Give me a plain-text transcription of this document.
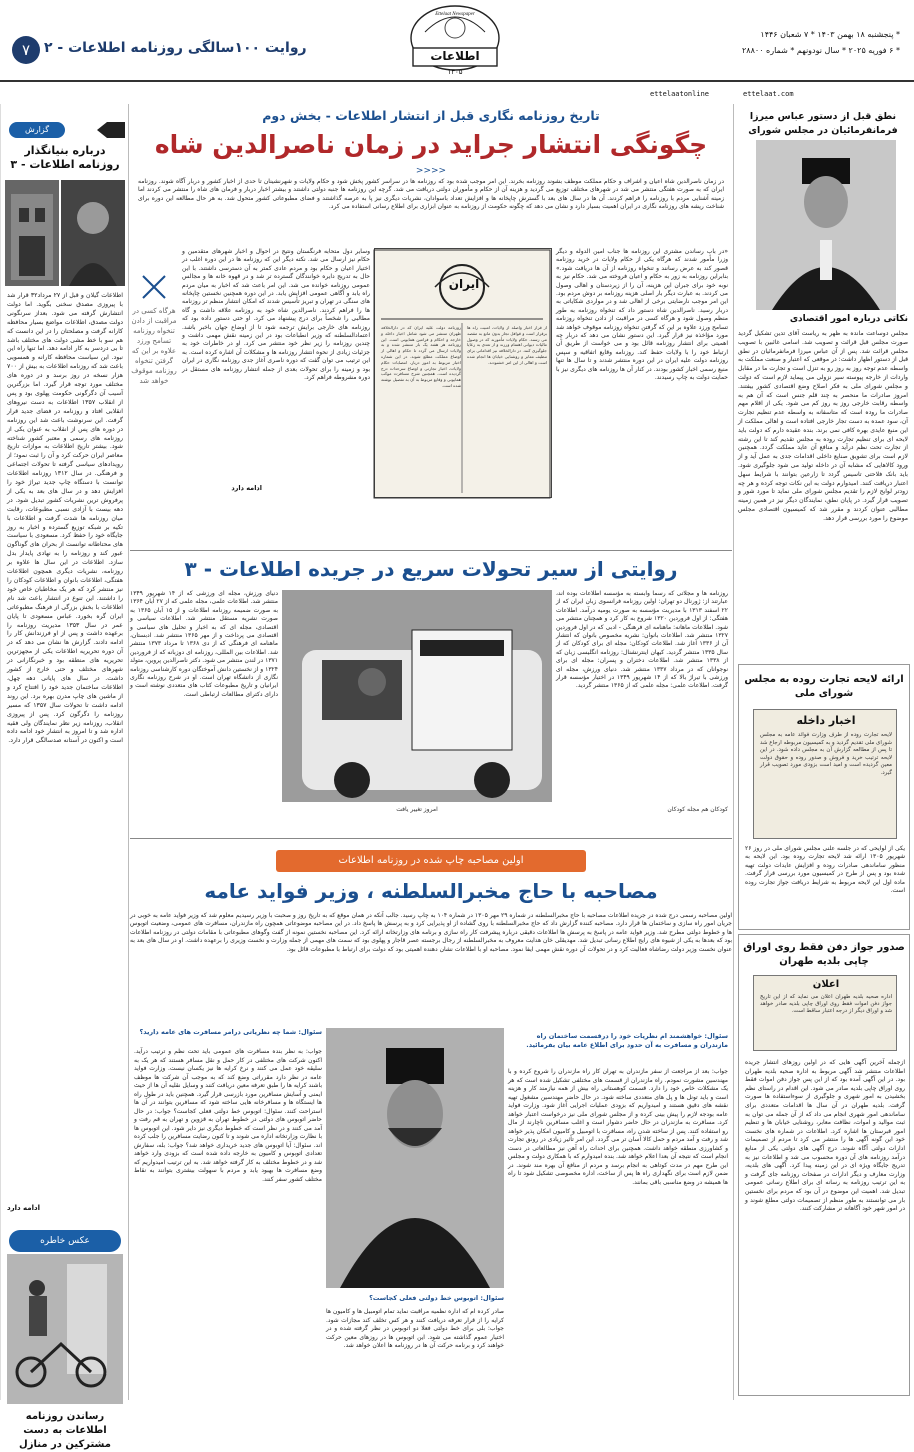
۷ روایت ۱۰۰سالگی روزنامه اطلاعات - ۲
Ettelaat Newspaper
اطلاعات
۱۳۰۵
* پنجشنبه ۱۸ بهمن ۱۴۰۳ * ۷ شعبان ۱۴۴۶
* ۶ فوریه ۲۰۲۵ * سال نودونهم * شماره ۲۸۸۰۰
ettelaat.com
ettelaatonline
گزارش
درباره بنیانگذار روزنامه اطلاعات - ۳
اطلاعات گیلان و قبل از ۲۷ مرداد۳۲ قرار شد با پیروزی مصدق سخنی بگوید. اما دولت انتشارش گرفته می شود. بعداز سرنگونی دولت مصدق، اطلاعات مواضع بسیار محافظه کارانه گرفت و مصلحتان را در این دانست که هم سو با خط مشی دولت های مختلف باشد تا بی دردسر به کار ادامه دهد. اما تنها راه این نبود. این سیاست محافظه کارانه و همسویی باعث شد که روزنامه اطلاعات به بیش از ۷۰۰ هزار نسخه در روز برسد و در دوره های مختلف مورد توجه قرار گیرد. اما بزرگترین آسیب آن دگرگونی حکومت پهلوی بود و پس از انقلاب ۱۳۵۷ اطلاعات به دست نیروهای انقلابی افتاد و روزنامه در فضای جدید قرار گرفت. این سرنوشت باعث شد این روزنامه در دوره های پس از انقلاب به عنوان یکی از روزنامه های رسمی و معتبر کشور شناخته شود. بیشتر تاریخ اطلاعات به موازات تاریخ معاصر ایران حرکت کرد و آن را ثبت نمود؛ از رویدادهای سیاسی گرفته تا تحولات اجتماعی و فرهنگی. در سال ۱۳۱۲ روزنامه اطلاعات توانست با دستگاه چاپ جدید تیراژ خود را افزایش دهد و در سال های بعد به یکی از پرفروش ترین نشریات کشور تبدیل شود. در دهه بیست با آزادی نسبی مطبوعات، رقابت میان روزنامه ها شدت گرفت و اطلاعات با تکیه بر شبکه توزیع گسترده و اخبار به روز جایگاه خود را حفظ کرد. مسعودی با سیاست های محتاطانه توانست از بحران های گوناگون عبور کند و روزنامه را به نهادی پایدار بدل سازد. اطلاعات در این سال ها علاوه بر روزنامه، نشریات دیگری همچون اطلاعات هفتگی، اطلاعات بانوان و اطلاعات کودکان را نیز منتشر کرد که هر یک مخاطبان خاص خود را داشتند. این تنوع در انتشار باعث شد نام اطلاعات با بخش بزرگی از فرهنگ مطبوعاتی ایران گره بخورد. عباس مسعودی تا پایان عمر در سال ۱۳۵۳ مدیریت روزنامه را برعهده داشت و پس از او فرزندانش کار را ادامه دادند. گزارش ها نشان می دهد که در آن دوره تحریریه اطلاعات یکی از مجهزترین تحریریه های منطقه بود و خبرنگارانی در شهرهای مختلف و حتی خارج از کشور داشت. در سال های پایانی دهه چهل، اطلاعات ساختمان جدید خود را افتتاح کرد و از ماشین های چاپ مدرن بهره برد. این روند ادامه داشت تا تحولات سال ۱۳۵۷ که مسیر روزنامه را دگرگون کرد. پس از پیروزی انقلاب، روزنامه زیر نظر نمایندگان ولی فقیه اداره شد و تا امروز به انتشار خود ادامه داده است و اکنون در آستانه صدسالگی قرار دارد.
ادامه دارد
عکس خاطره
رساندن روزنامه اطلاعات به دست مشترکین در منازل
نطق قبل از دستور عباس میرزا فرمانفرمائیان در مجلس شورای
نکاتی درباره امور اقتصادی
مجلس دوساعت مانده به ظهر به ریاست آقای تدین تشکیل گردید صورت مجلس قبل قرائت و تصویب شد. اسامی غائبین با تصویب مجلس قرائت شد. پس از آن عباس میرزا فرمانفرمائیان در نطق قبل از دستور اظهار داشت: در موقعی که اعتبار و صنعت مملکت به واسطه عدم توجه روز به روز رو به تنزل است و تجارت ما در مقابل واردات از خارجه پیوسته سیر نزولی می پیماید لازم است که دولت و مجلس شورای ملی به فکر اصلاح وضع اقتصادی کشور بیفتند. امروز صادرات ما منحصر به چند قلم جنس است که آن هم به واسطه رقابت خارجی روز به روز کم می شود. یکی از اقلام مهم صادرات ما روده است که متاسفانه به واسطه عدم تنظیم تجارت آن، سود عمده به دست تجار خارجی افتاده است و اهالی مملکت از این منبع عایدی بهره کافی نمی برند. بنده عقیده دارم که دولت باید لایحه ای برای تنظیم تجارت روده به مجلس تقدیم کند تا این رشته از تجارت تحت نظم درآید و منافع آن عاید مملکت گردد. همچنین لازم است برای تشویق صنایع داخلی اقدامات جدی به عمل آید و از ورود کالاهایی که مشابه آن در داخله تولید می شود جلوگیری شود. باید بانک فلاحتی تاسیس گردد تا زارعین بتوانند با شرایط سهل اعتبار دریافت کنند. امیدوارم دولت به این نکات توجه کرده و هر چه زودتر لوایح لازم را تقدیم مجلس شورای ملی نماید تا مورد شور و تصویب قرار گیرد. در پایان نطق، نمایندگان دیگر نیز در همین زمینه مطالبی عنوان کردند و مقرر شد که کمیسیون اقتصادی مجلس موضوع را مورد بررسی قرار دهد.
ارائه لایحه تجارت روده به مجلس شورای ملی
اخبار داخله
لایحه تجارت روده از طرف وزارت فوائد عامه به مجلس شورای ملی تقدیم گردید و به کمیسیون مربوطه ارجاع شد تا پس از مطالعه گزارش آن به مجلس داده شود. در این لایحه ترتیب خرید و فروش و صدور روده و حقوق دولت معین گردیده است و امید است بزودی مورد تصویب قرار گیرد.
یکی از لوایحی که در جلسه علنی مجلس شورای ملی در روز ۲۶ شهریور ۱۳۰۵ ارائه شد لایحه تجارت روده بود. این لایحه به منظور ساماندهی صادرات روده و افزایش عایدات دولت تهیه شده بود و پس از طرح در کمیسیون مورد بررسی قرار گرفت. ماده اول این لایحه مربوط به شرایط دریافت جواز تجارت روده است.
صدور جواز دفن فقط روی اوراق چاپی بلدیه طهران
اعلان
اداره صحیه بلدیه طهران اعلان می نماید که از این تاریخ جواز دفن اموات فقط روی اوراق چاپی بلدیه صادر خواهد شد و اوراق دیگر از درجه اعتبار ساقط است.
ازجمله آخرین آگهی هایی که در اولین روزهای انتشار جریده اطلاعات منتشر شد آگهی مربوط به اداره صحیه بلدیه طهران بود. در این آگهی آمده بود که از این پس جواز دفن اموات فقط روی اوراق چاپی بلدیه صادر می شود. این اقدام در راستای نظم بخشیدن به امور شهری و جلوگیری از سوءاستفاده ها صورت گرفت. بلدیه طهران در آن سال ها اقدامات متعددی برای ساماندهی امور شهری انجام می داد که از آن جمله می توان به ثبت موالید و اموات، نظافت معابر، روشنایی خیابان ها و تنظیم امور قبرستان ها اشاره کرد. اطلاعات در شماره های نخست خود این گونه آگهی ها را منتشر می کرد تا مردم از تصمیمات ادارات دولتی آگاه شوند. درج آگهی های دولتی یکی از منابع درآمد روزنامه های آن دوره محسوب می شد و اطلاعات نیز به تدریج جایگاه ویژه ای در این زمینه پیدا کرد. آگهی های بلدیه، وزارت معارف و دیگر ادارات در صفحات روزنامه جای گرفت و به این ترتیب روزنامه به رسانه ای برای اطلاع رسانی عمومی تبدیل شد. اهمیت این موضوع در آن بود که مردم برای نخستین بار می توانستند به طور منظم از تصمیمات دولتی مطلع شوند و در امور شهر خود آگاهانه تر مشارکت کنند.
تاریخ روزنامه نگاری قبل از انتشار اطلاعات - بخش دوم
چگونگی انتشار جراید در زمان ناصرالدین شاه
<<<<
در زمان ناصرالدین شاه اعیان و اشراف و حکام مملکت موظف بشوند روزنامه بخرند. این امر موجب شده بود که روزنامه ها در سراسر کشور پخش شود و حکام ولایات و شهرنشینان تا حدی از اخبار کشور و دربار آگاه شوند. روزنامه ایران که به صورت هفتگی منتشر می شد در شهرهای مختلف توزیع می گردید و هزینه آن از حکام و مأموران دولتی دریافت می شد. گرچه این روزنامه ها جنبه دولتی داشتند و بیشتر اخبار دربار و فرمان های شاه را منتشر می کردند اما زمینه آشنایی مردم با روزنامه را فراهم کردند. آن ها در سال های بعد با گسترش چاپخانه ها و افزایش تعداد باسوادان، نشریات دیگری نیز پا به عرصه گذاشتند و فضای مطبوعاتی کشور متحول شد. به هر حال مطالعه این دوره برای شناخت ریشه های روزنامه نگاری در ایران اهمیت بسیار دارد و نشان می دهد که چگونه حکومت از روزنامه به عنوان ابزاری برای اطلاع رسانی استفاده می کرد.
ایران
روزنامه دولت علیه ایران که در دارالخلافه طهران منتشر می شود شامل اخبار داخله و خارجه و احکام و فرامین همایونی است. این روزنامه هر هفته یک بار منتشر شده و به ولایات ارسال می گردد تا حکام و اهالی از اوضاع مملکت مطلع شوند. در این شماره اخبار مربوط به امور دربار، انتصابات حکام ولایات، اخبار تجارتی و اوضاع سرحدات درج گردیده است. همچنین شرح مسافرت موکب همایونی و وقایع مربوط به آن به تفصیل نوشته شده است.
از قرار اخبار واصله از ولایات، امنیت راه ها برقرار است و قوافل تجار بدون مانع به مقصد می رسند. حکام ولایات مأمورند که در وصول مالیات دیوانی اهتمام ورزند و از تعدی به رعایا جلوگیری کنند. در دارالخلافه نیز اقداماتی برای تنظیف معابر و روشنایی خیابان ها انجام شده است و اهالی از این امر خشنودند.
«در باب رساندن مشتری این روزنامه ها جناب امین الدوله و دیگر وزرا مأمور شدند که هرگاه یکی از حکام ولایات در خرید روزنامه قصور کند به عرض رسانند و تنخواه روزنامه از آن ها دریافت شود.» بنابراین روزنامه به زور به حکام و اعیان فروخته می شد. حکام نیز به نوبه خود برای جبران این هزینه، آن را از زیردستان و اهالی وصول می کردند. به عبارت دیگر بار اصلی هزینه روزنامه بر دوش مردم بود. این امر موجب نارضایتی برخی از اهالی شد و در مواردی شکایاتی به دربار رسید. ناصرالدین شاه دستور داد که تنخواه روزنامه به طور منظم وصول شود و هرگاه کسی در مراقبت از دادن تنخواه روزنامه تسامح ورزد علاوه بر این که گرفتن تنخواه روزنامه موقوف خواهد شد مورد مؤاخذه نیز قرار گیرد. این دستور نشان می دهد که دربار چه اهمیتی برای انتشار روزنامه قائل بود و می خواست از طریق آن ارتباط خود را با ولایات حفظ کند. روزنامه وقایع اتفاقیه و سپس روزنامه دولت علیه ایران در این دوره منتشر شدند و تا سال ها تنها منبع رسمی اخبار کشور بودند. در کنار آن ها روزنامه های دیگری نیز با حمایت دولت به چاپ رسیدند.
وسایر دول متحابه فرنگستان ونتیج در احوال و اخبار شهرهای متقدمین و حکام نیز ارسال می شد. نکته دیگر این که روزنامه ها در این دوره اغلب در اختیار اعیان و حکام بود و مردم عادی کمتر به آن دسترسی داشتند. با این حال به تدریج دایره خوانندگان گسترده تر شد و در قهوه خانه ها و مجالس عمومی روزنامه خوانده می شد. این امر باعث شد که اخبار به میان مردم راه یابد و آگاهی عمومی افزایش یابد. در این دوره همچنین نخستین چاپخانه های سنگی در تهران و تبریز تأسیس شدند که امکان انتشار منظم تر روزنامه ها را فراهم کردند. ناصرالدین شاه خود به روزنامه علاقه داشت و گاه مطالبی را شخصاً برای درج پیشنهاد می کرد. او حتی دستور داده بود که روزنامه های خارجی برایش ترجمه شود تا از اوضاع جهان باخبر باشد. اعتمادالسلطنه که وزیر انطباعات بود در این زمینه نقش مهمی داشت و چندین روزنامه را زیر نظر خود منتشر می کرد. او در خاطرات خود به جزئیات زیادی از نحوه انتشار روزنامه ها و مشکلات آن اشاره کرده است. به این ترتیب می توان گفت که دوره ناصری آغاز جدی روزنامه نگاری در ایران بود و زمینه را برای تحولات بعدی از جمله انتشار روزنامه های مستقل در دوره مشروطه فراهم کرد.
ادامه دارد
هرگاه کسی در مراقبت از دادن تنخواه روزنامه تسامح ورزد علاوه بر این که گرفتن تنخواه روزنامه موقوف خواهد شد
روایتی از سیر تحولات سریع در جریده اطلاعات - ۳
روزنامه ها و مجلاتی که رسما وابسته به مؤسسه اطلاعات بوده اند، عبارتند از: ژورنال دو تهران: اولین روزنامه فرانسوی زبان ایران که از ۲۲ اسفند ۱۳۱۳ با مدیریت مؤسسه به صورت یومیه درآمد. اطلاعات هفتگی: از اول فروردین ۱۳۲۰ شروع به کار کرد و همچنان منتشر می شود. اطلاعات ماهانه: ماهنامه ای فرهنگی - ادبی که در اول فروردین ۱۳۲۷ منتشر شد. اطلاعات بانوان: نشریه مخصوص بانوان که انتشار آن از ۱۳۳۶ آغاز شد. اطلاعات کودکان: مجله ای برای کودکان که از سال ۱۳۳۵ منتشر گردید. کیهان اینترنشنال: روزنامه انگلیسی زبان که از ۱۳۳۸ منتشر شد. اطلاعات دختران و پسران: مجله ای برای نوجوانان که در مرداد ۱۳۳۷ منتشر شد. دنیای ورزش، مجله ای ورزشی با تیراژ بالا که از ۱۴ شهریور ۱۳۴۹ در اختیار مؤسسه قرار گرفت. اطلاعات علمی: مجله علمی که از ۱۳۶۵ منتشر گردید.
دنیای ورزش، مجله ای ورزشی که از ۱۴ شهریور ۱۳۴۹ منتشر شد. اطلاعات علمی، مجله علمی که از ۲۷ آبان ۱۳۶۴ به صورت ضمیمه روزنامه اطلاعات و از ۱۵ آبان ۱۳۶۵ به صورت نشریه مستقل منتشر شد. اطلاعات سیاسی و اقتصادی، مجله ای که به اخبار و تحلیل های سیاسی و اقتصادی می پرداخت و از مهر ۱۳۶۵ منتشر شد. ادبستان، ماهنامه ای فرهنگی که از دی ۱۳۶۸ تا مرداد ۱۳۷۳ منتشر شد. اطلاعات بین المللی، روزنامه ای دوزبانه که از فروردین ۱۳۷۱ در لندن منتشر می شود. دکتر ناصرالدین پروین، متولد ۱۳۲۴ و از نخستین دانش آموختگان دوره کارشناسی روزنامه نگاری از دانشگاه تهران است. او در شرح روزنامه نگاری ایرانیان و تاریخ مطبوعات کتاب های متعددی نوشته است و دارای دکترای مطالعات ارتباطی است.
کودکان هم مجله کودکان
امروز تغییر یافت
اولین مصاحبه چاپ شده در روزنامه اطلاعات
مصاحبه با حاج مخبرالسلطنه ، وزیر فواید عامه
اولین مصاحبه رسمی درج شده در جریده اطلاعات مصاحبه با حاج مخبرالسلطنه در شماره ۲۹ مهر ۱۳۰۵ در شماره ۱۰۴ به چاپ رسید. جالب آنکه در همان موقع که به تاریخ روز و صحبت با وزیر رسیدیم معلوم شد که وزیر فواید عامه به خوبی در جریان امور راه سازی و ساختمان ها قرار دارد. مصاحبه کننده گزارش داد که حاج مخبرالسلطنه با روی گشاده از او پذیرایی کرد و به پرسش ها پاسخ داد. در این مصاحبه موضوعاتی همچون راه مازندران، مسافرت های عمومی، وضعیت اتوبوس ها و خطوط دولتی مطرح شد. وزیر فواید عامه در پاسخ به پرسش ها اطلاعات دقیقی درباره پیشرفت کار راه سازی و برنامه های وزارتخانه ارائه کرد. این مصاحبه نخستین نمونه از گفت وگوهای مطبوعاتی با مقامات دولتی در روزنامه اطلاعات بود که بعدها به یکی از شیوه های رایج اطلاع رسانی تبدیل شد. مهدیقلی خان هدایت معروف به مخبرالسلطنه از رجال برجسته عصر قاجار و پهلوی بود که سمت های مهمی از جمله وزارت و نخست وزیری را برعهده داشت. او در سال های بعد به عنوان نخست وزیر دولت رضاشاه فعالیت کرد و در تحولات آن دوره نقش مهمی ایفا نمود. مصاحبه او با اطلاعات نشان دهنده اهمیتی بود که دولت برای ارتباط با مطبوعات قائل بود.
سئوال: خواهشمند ام نظریات خود را درقسمت ساختمان راه مازندران و مسافرت به آن حدود برای اطلاع عامه بیان بفرمائید.
جواب: بعد از مراجعت از سفر مازندران به تهران کار راه مازندران را شروع کرده و با مهندسین مشورت نمودم. راه مازندران از قسمت های مختلفی تشکیل شده است که هر یک مشکلات خاص خود را دارد. قسمت کوهستانی راه بیش از همه نیازمند کار و هزینه است و باید تونل ها و پل های متعددی ساخته شود. در حال حاضر مهندسین مشغول تهیه نقشه های دقیق هستند و امیدواریم که بزودی عملیات اجرایی آغاز شود. وزارت فواید عامه بودجه لازم را پیش بینی کرده و از مجلس شورای ملی نیز درخواست اعتبار خواهد کرد. مسافرت به مازندران در حال حاضر دشوار است و اغلب مسافرین ناچارند از مال رو استفاده کنند. پس از ساخته شدن راه، مسافرت با اتومبیل و کامیون امکان پذیر خواهد شد و رفت و آمد مردم و حمل کالا آسان تر می گردد. این امر تأثیر زیادی در رونق تجارت و کشاورزی منطقه خواهد داشت. همچنین برای احداث راه آهن نیز مطالعاتی در دست انجام است که نتیجه آن بعدا اعلام خواهد شد. بنده امیدوارم که با همکاری دولت و مجلس این طرح مهم در مدت کوتاهی به انجام برسد و مردم از منافع آن بهره مند شوند. در ضمن لازم است برای نگهداری راه ها پس از ساخت، اداره مخصوصی تشکیل شود تا راه ها همیشه در وضع مناسبی باقی بمانند.
سئوال: شما چه نظریاتی درامر مسافرت های عامه دارید؟
جواب: به نظر بنده مسافرت های عمومی باید تحت نظم و ترتیب درآید. اکنون شرکت های مختلفی در کار حمل و نقل مسافر هستند که هر یک به سلیقه خود عمل می کنند و نرخ کرایه ها نیز یکسان نیست. وزارت فواید عامه در نظر دارد مقرراتی وضع کند که به موجب آن شرکت ها موظف باشند کرایه ها را طبق تعرفه معین دریافت کنند و وسایل نقلیه آن ها از حیث ایمنی و آسایش مسافرین مورد بازرسی قرار گیرد. همچنین باید در طول راه ها ایستگاه ها و مسافرخانه هایی ساخته شود که مسافرین بتوانند در آن ها استراحت کنند. سئوال: اتوبوس خط دولتی فعلی کجاست؟ جواب: در حال حاضر اتوبوس های دولتی در خطوط تهران به قزوین و تهران به قم رفت و آمد می کنند و در نظر است که خطوط دیگری نیز دایر شود. این اتوبوس ها با نظارت وزارتخانه اداره می شوند و تا کنون رضایت مسافرین را جلب کرده اند. سئوال: آیا اتوبوس های جدید خریداری خواهد شد؟ جواب: بله، سفارش تعدادی اتوبوس و کامیون به خارجه داده شده است که بزودی وارد خواهد شد و در خطوط مختلف به کار گرفته خواهد شد. به این ترتیب امیدواریم که وضع مسافرت ها بهبود یابد و مردم با سهولت بیشتری بتوانند به نقاط مختلف کشور سفر کنند.
سئوال: اتوبوس خط دولتی فعلی کجاست؟
صادر کرده ام که اداره نظمیه مراقبت نماید تمام اتومبیل ها و کامیون ها کرایه را از قرار تعرفه دریافت کنند و هر کس تخلف کند مجازات شود. جواب: بلی برای خط دولتی فعلا دو اتوبوس در نظر گرفته شده و در اختیار عموم گذاشته می شود. این اتوبوس ها در روزهای معین حرکت خواهند کرد و برنامه حرکت آن ها در روزنامه ها اعلان خواهد شد.
